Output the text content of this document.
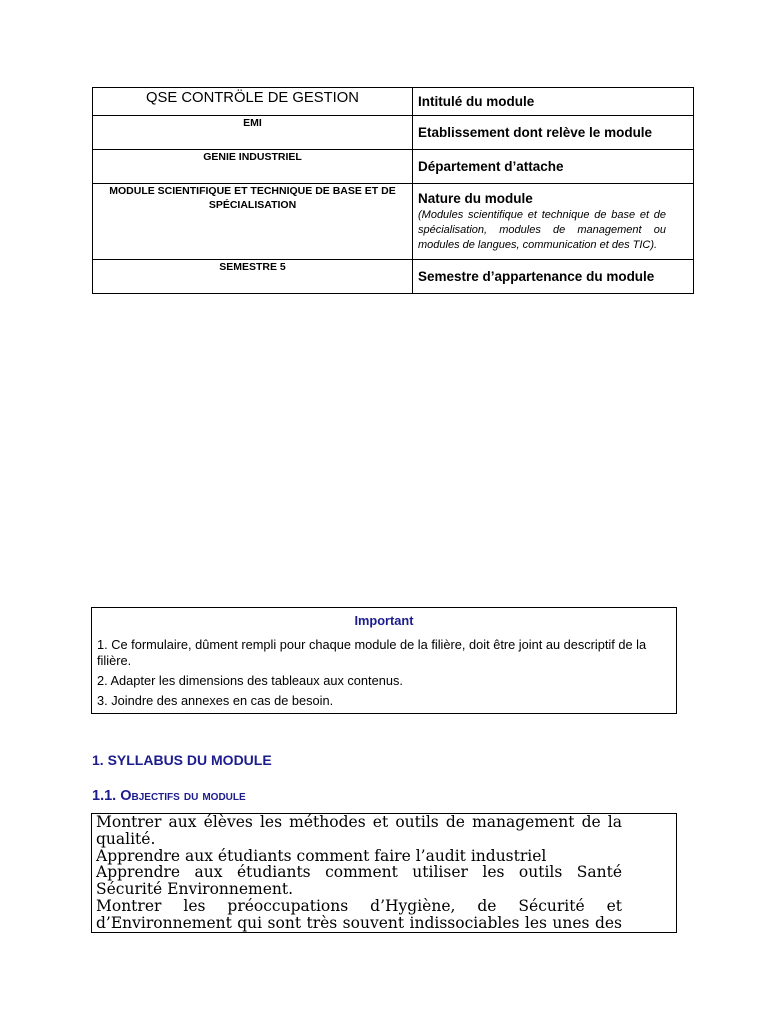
QSE CONTRÖLE DE GESTION	Intitulé du module

EMI	Etablissement dont relève le module

GENIE INDUSTRIEL	Département d’attache

MODULE SCIENTIFIQUE ET TECHNIQUE DE BASE ET DE SPÉCIALISATION	Nature du module
(Modules scientifique et technique de base et de spécialisation, modules de management ou modules de langues, communication et des TIC).

SEMESTRE 5	Semestre d’appartenance du module
Important
1. Ce formulaire, dûment rempli pour chaque module de la filière, doit être joint au descriptif de la filière.
2. Adapter les dimensions des tableaux aux contenus.
3. Joindre des annexes en cas de besoin.
1. SYLLABUS DU MODULE
1.1. Objectifs du module

Montrer aux élèves les méthodes et outils de management de la qualité.

Apprendre aux étudiants comment faire l’audit industriel

Apprendre aux étudiants comment utiliser les outils Santé Sécurité Environnement.

Montrer les préoccupations d’Hygiène, de Sécurité et d’Environnement qui sont très souvent indissociables les unes des
